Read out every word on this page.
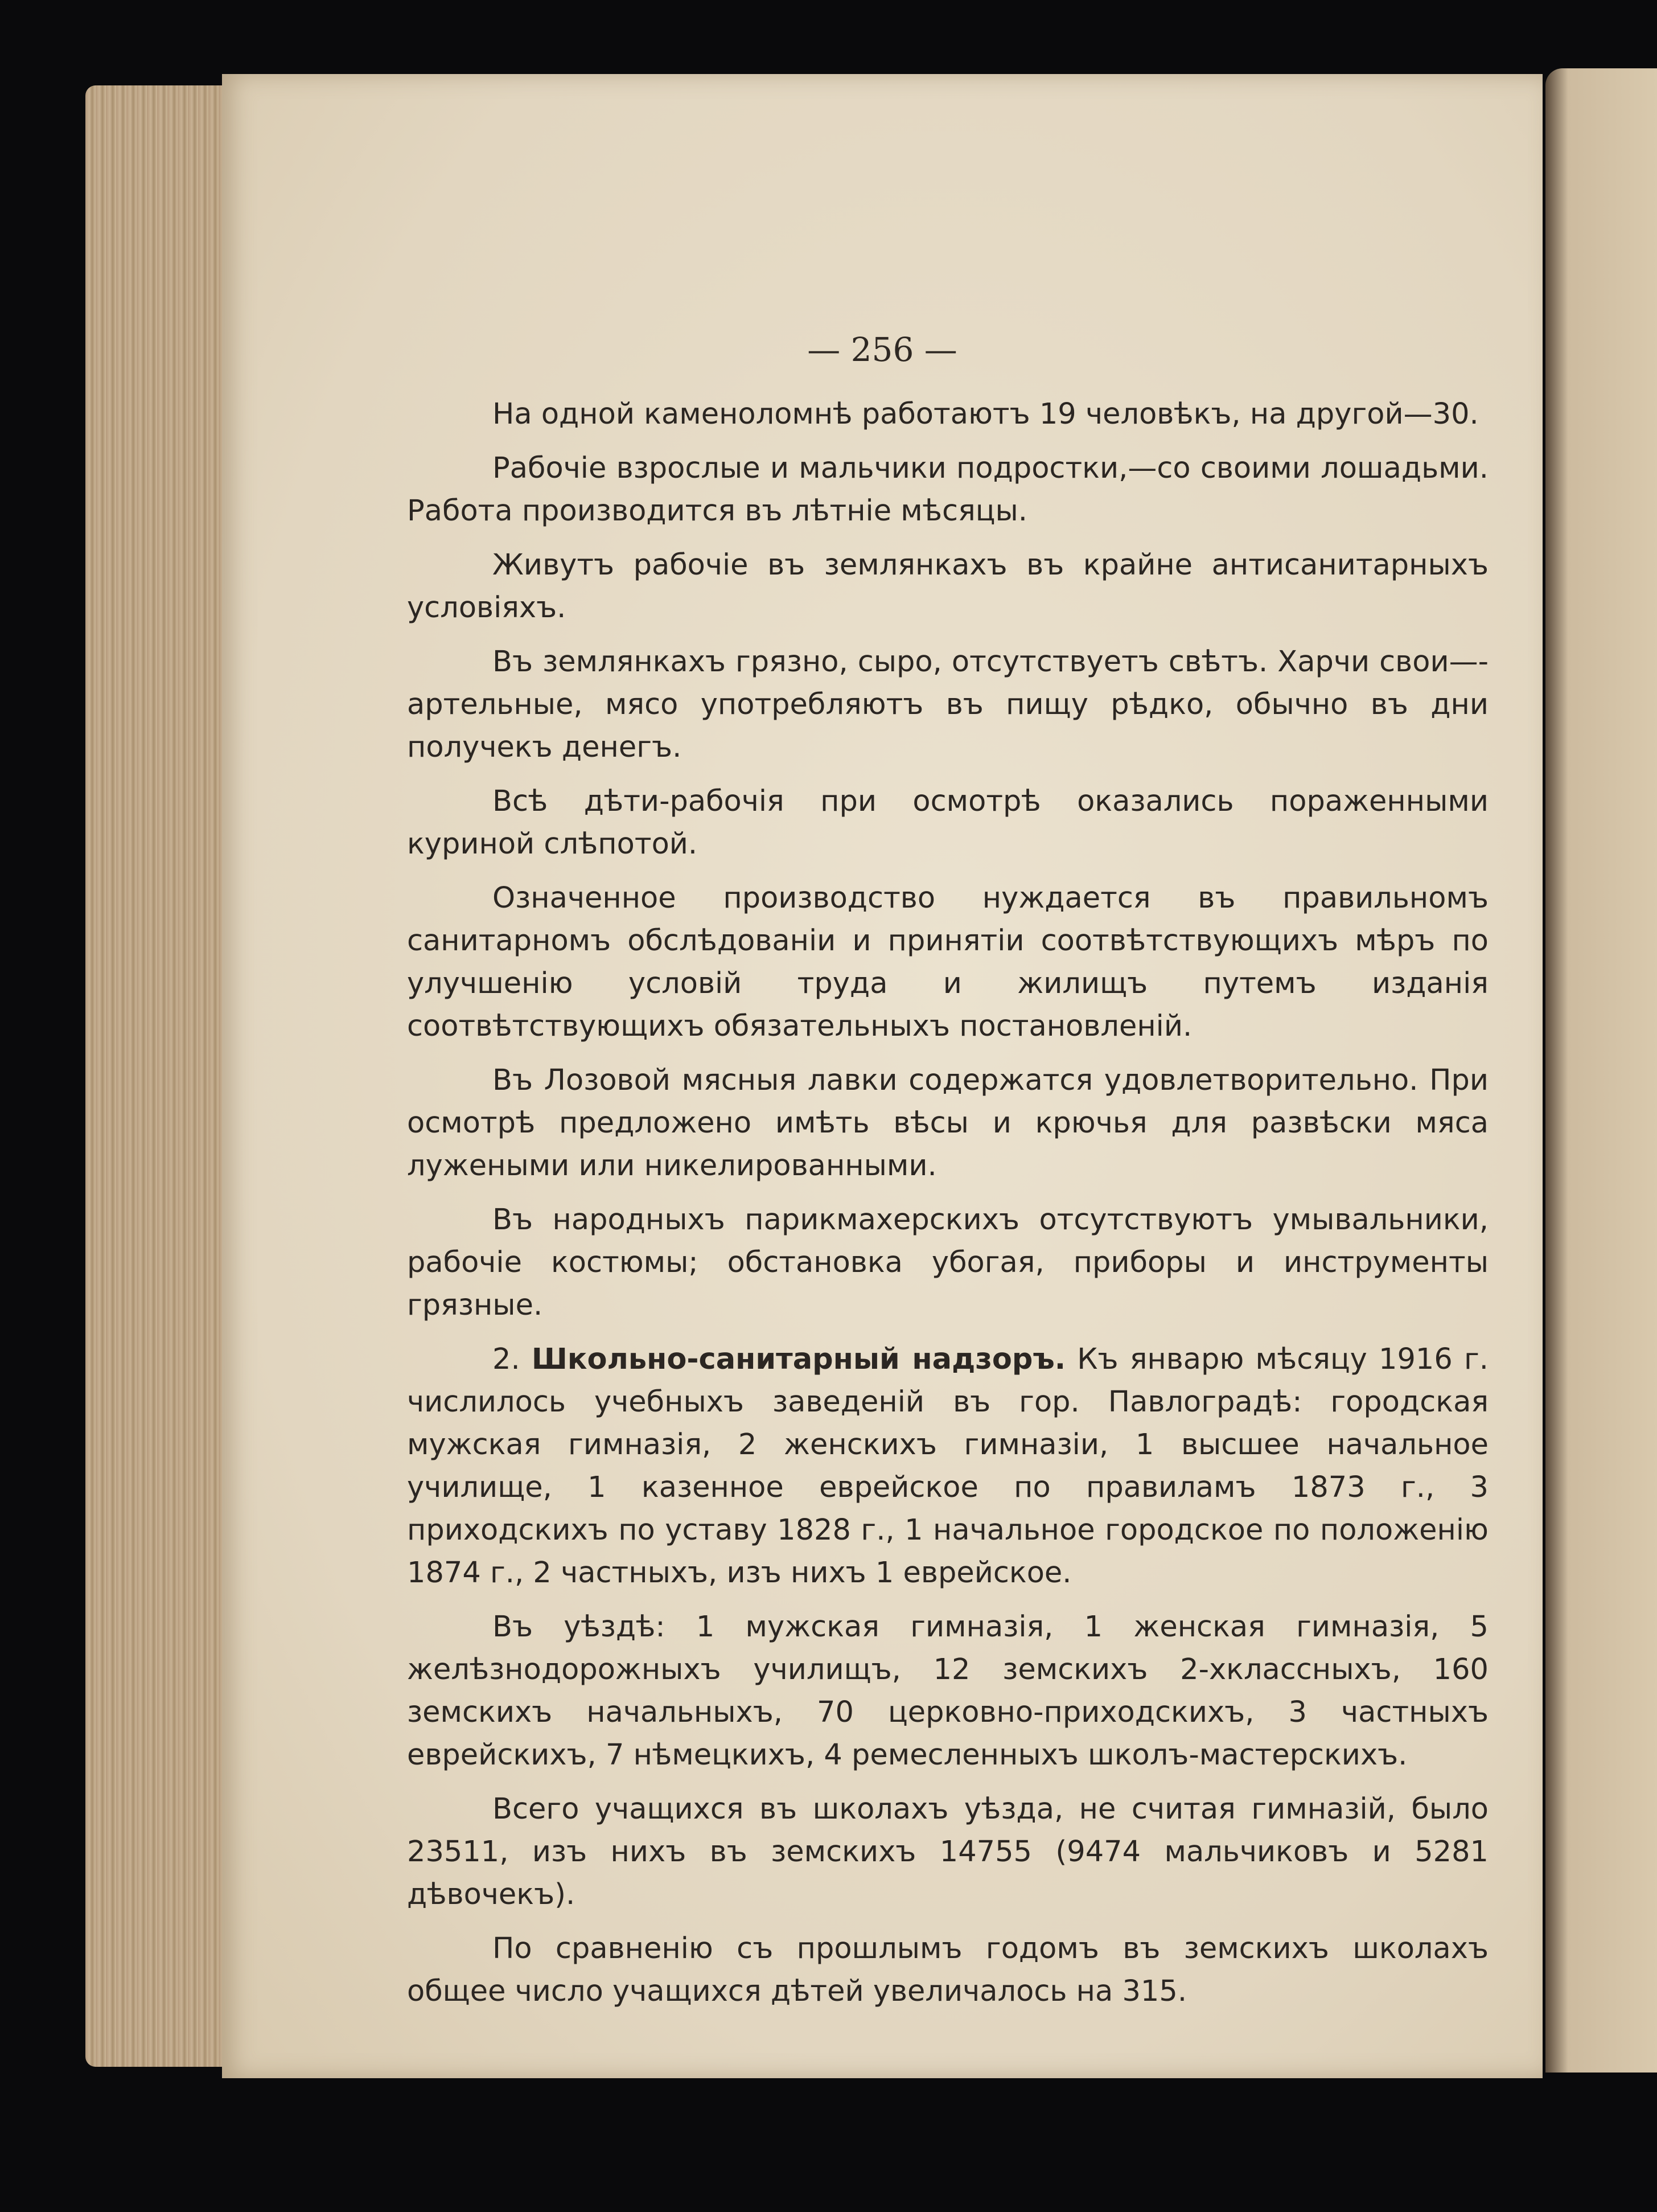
— 256 —

На одной каменоломнѣ работаютъ 19 человѣкъ, на другой—30.

Рабочіе взрослые и мальчики подростки,—со своими лошадьми. Работа производится въ лѣтніе мѣсяцы.

Живутъ рабочіе въ землянкахъ въ крайне антисанитарныхъ условіяхъ.

Въ землянкахъ грязно, сыро, отсутствуетъ свѣтъ. Харчи свои—-артельные, мясо употребляютъ въ пищу рѣдко, обычно въ дни получекъ денегъ.

Всѣ дѣти-рабочія при осмотрѣ оказались пораженными куриной слѣпотой.

Означенное производство нуждается въ правильномъ санитарномъ обслѣдованіи и принятіи соотвѣтствующихъ мѣръ по улучшенію условій труда и жилищъ путемъ изданія соотвѣтствующихъ обязательныхъ постановленій.

Въ Лозовой мясныя лавки содержатся удовлетворительно. При осмотрѣ предложено имѣть вѣсы и крючья для развѣски мяса лужеными или никелированными.

Въ народныхъ парикмахерскихъ отсутствуютъ умывальники, рабочіе костюмы; обстановка убогая, приборы и инструменты грязные.

2. Школьно-санитарный надзоръ. Къ январю мѣсяцу 1916 г. числилось учебныхъ заведеній въ гор. Павлоградѣ: городская мужская гимназія, 2 женскихъ гимназіи, 1 высшее начальное училище, 1 казенное еврейское по правиламъ 1873 г., 3 приходскихъ по уставу 1828 г., 1 начальное городское по положенію 1874 г., 2 частныхъ, изъ нихъ 1 еврейское.

Въ уѣздѣ: 1 мужская гимназія, 1 женская гимназія, 5 желѣзнодорожныхъ училищъ, 12 земскихъ 2-хклассныхъ, 160 земскихъ начальныхъ, 70 церковно-приходскихъ, 3 частныхъ еврейскихъ, 7 нѣмецкихъ, 4 ремесленныхъ школъ-мастерскихъ.

Всего учащихся въ школахъ уѣзда, не считая гимназій, было 23511, изъ нихъ въ земскихъ 14755 (9474 мальчиковъ и 5281 дѣвочекъ).

По сравненію съ прошлымъ годомъ въ земскихъ школахъ общее число учащихся дѣтей увеличалось на 315.
